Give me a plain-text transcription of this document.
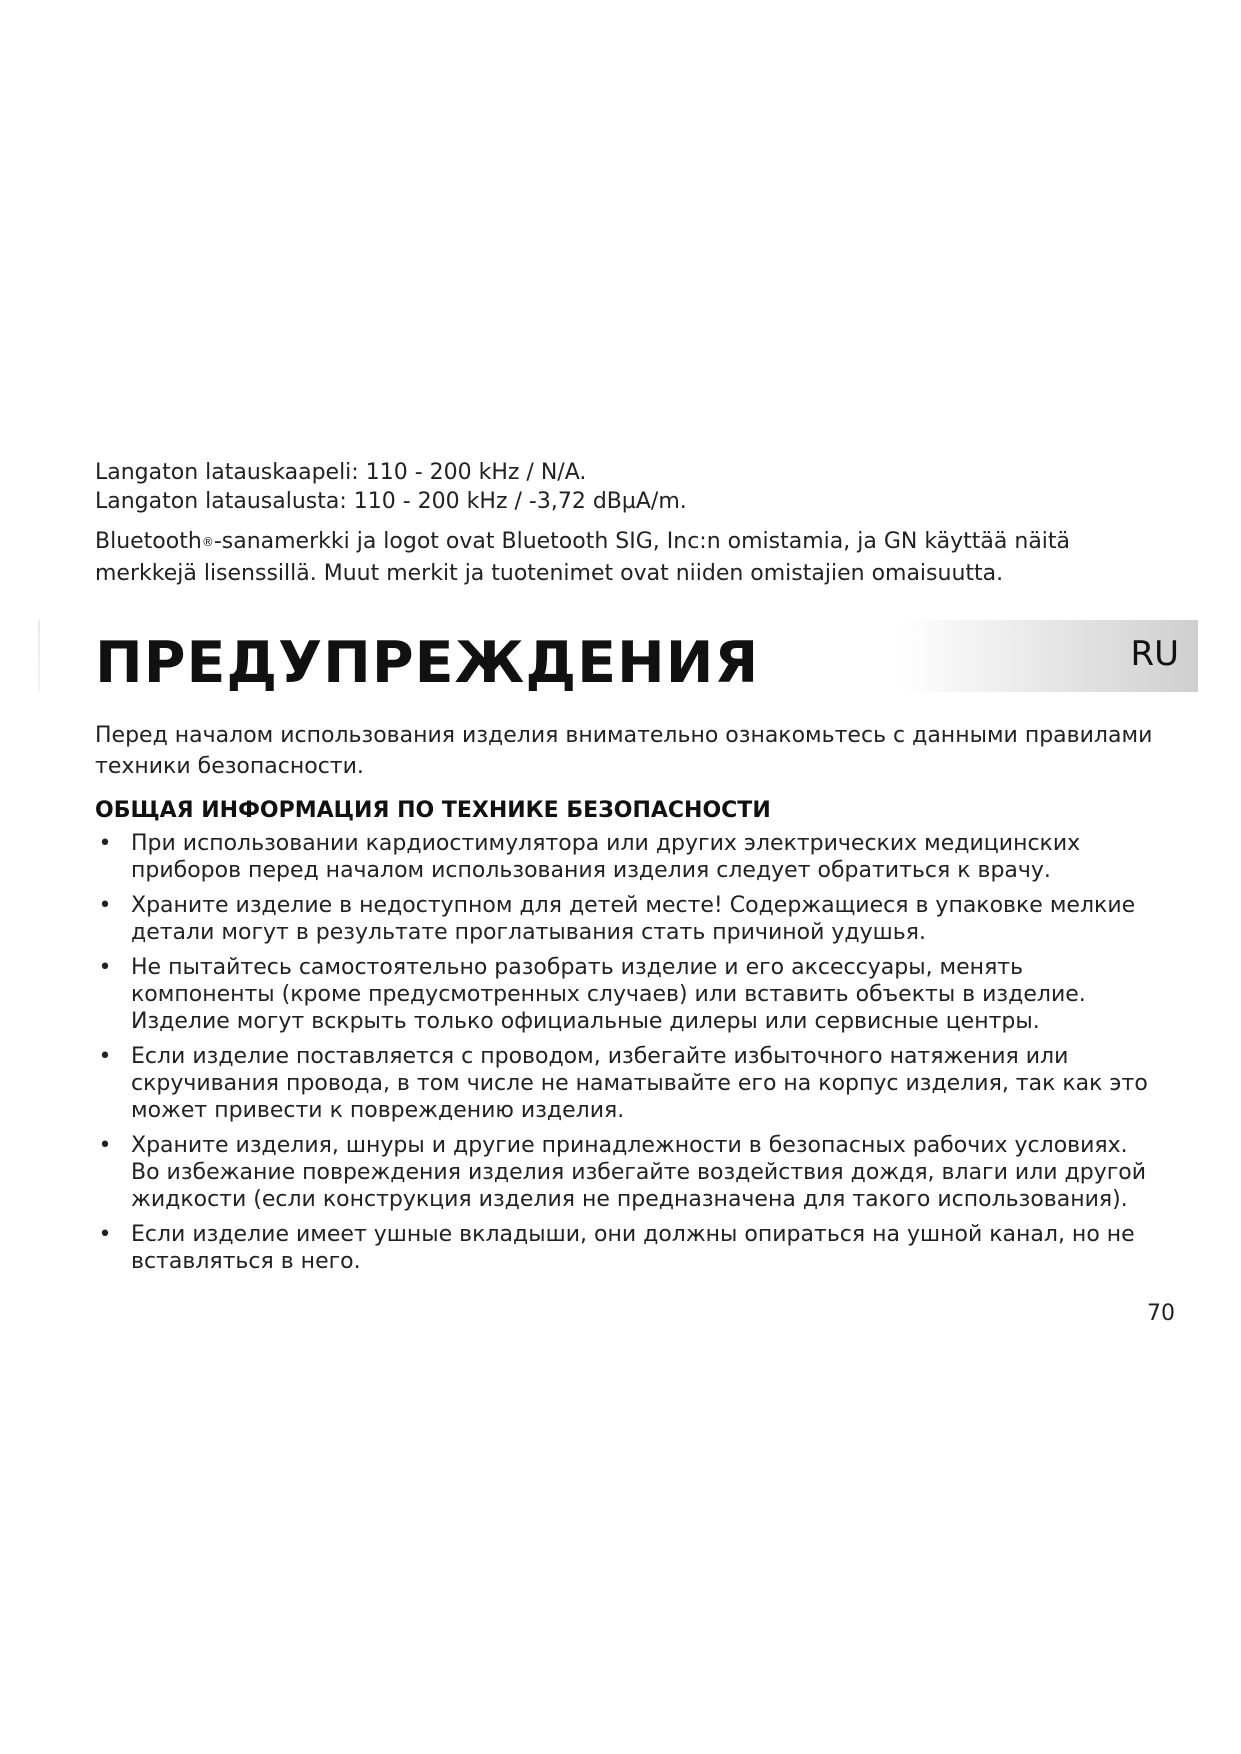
Langaton latauskaapeli: 110 - 200 kHz / N/A.

Langaton latausalusta: 110 - 200 kHz / -3,72 dBµA/m.

Bluetooth®-sanamerkki ja logot ovat Bluetooth SIG, Inc:n omistamia, ja GN käyttää näitä merkkejä lisenssillä. Muut merkit ja tuotenimet ovat niiden omistajien omaisuutta.

ПРЕДУПРЕЖДЕНИЯ	RU

Перед началом использования изделия внимательно ознакомьтесь с данными правилами техники безопасности.

ОБЩАЯ ИНФОРМАЦИЯ ПО ТЕХНИКЕ БЕЗОПАСНОСТИ
• При использовании кардиостимулятора или других электрических медицинских приборов перед началом использования изделия следует обратиться к врачу.
• Храните изделие в недоступном для детей месте! Содержащиеся в упаковке мелкие детали могут в результате проглатывания стать причиной удушья.
• Не пытайтесь самостоятельно разобрать изделие и его аксессуары, менять компоненты (кроме предусмотренных случаев) или вставить объекты в изделие. Изделие могут вскрыть только официальные дилеры или сервисные центры.
• Если изделие поставляется с проводом, избегайте избыточного натяжения или скручивания провода, в том числе не наматывайте его на корпус изделия, так как это может привести к повреждению изделия.
• Храните изделия, шнуры и другие принадлежности в безопасных рабочих условиях. Во избежание повреждения изделия избегайте воздействия дождя, влаги или другой жидкости (если конструкция изделия не предназначена для такого использования).
• Если изделие имеет ушные вкладыши, они должны опираться на ушной канал, но не вставляться в него.
70
